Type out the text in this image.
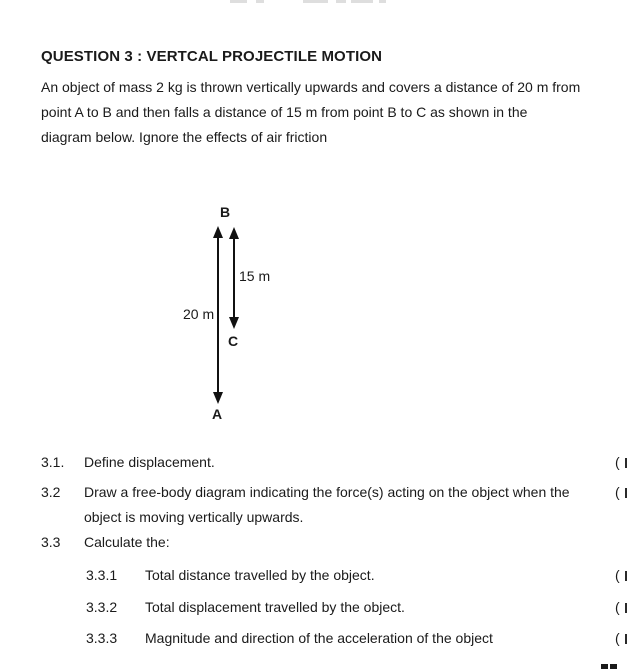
QUESTION 3 : VERTCAL PROJECTILE MOTION
An object of mass 2 kg is thrown vertically upwards and covers a distance of 20 m from
point A to B and then falls a distance of 15 m from point B to C as shown in the
diagram below. Ignore the effects of air friction
B
15 m
20 m
C
A
3.1. Define displacement.	(
3.2 Draw a free-body diagram indicating the force(s) acting on the object when the	(
object is moving vertically upwards.
3.3 Calculate the:
3.3.1 Total distance travelled by the object.	(
3.3.2 Total displacement travelled by the object.	(
3.3.3 Magnitude and direction of the acceleration of the object	(
